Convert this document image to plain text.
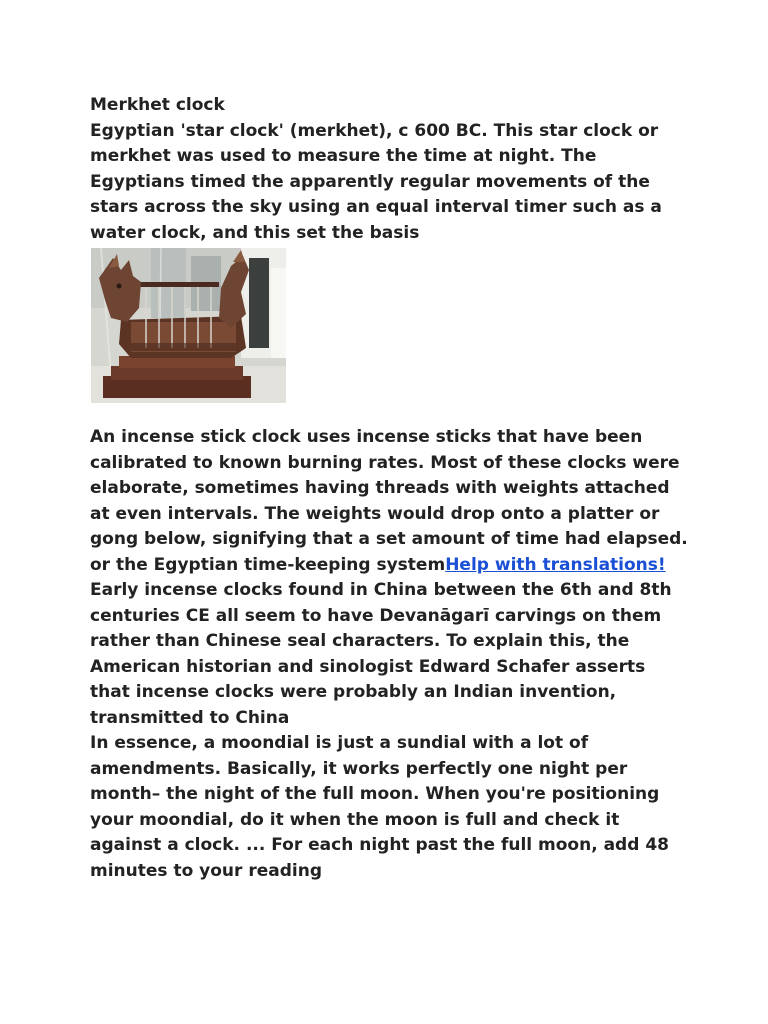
Merkhet clock

Egyptian 'star clock' (merkhet), c 600 BC. This star clock or merkhet was used to measure the time at night. The Egyptians timed the apparently regular movements of the stars across the sky using an equal interval timer such as a water clock, and this set the basis

An incense stick clock uses incense sticks that have been calibrated to known burning rates. Most of these clocks were elaborate, sometimes having threads with weights attached at even intervals. The weights would drop onto a platter or gong below, signifying that a set amount of time had elapsed.

or the Egyptian time-keeping systemHelp with translations!

Early incense clocks found in China between the 6th and 8th centuries CE all seem to have Devanāgarī carvings on them rather than Chinese seal characters. To explain this, the American historian and sinologist Edward Schafer asserts that incense clocks were probably an Indian invention, transmitted to China

In essence, a moondial is just a sundial with a lot of amendments. Basically, it works perfectly one night per month– the night of the full moon. When you're positioning your moondial, do it when the moon is full and check it against a clock. ... For each night past the full moon, add 48 minutes to your reading
